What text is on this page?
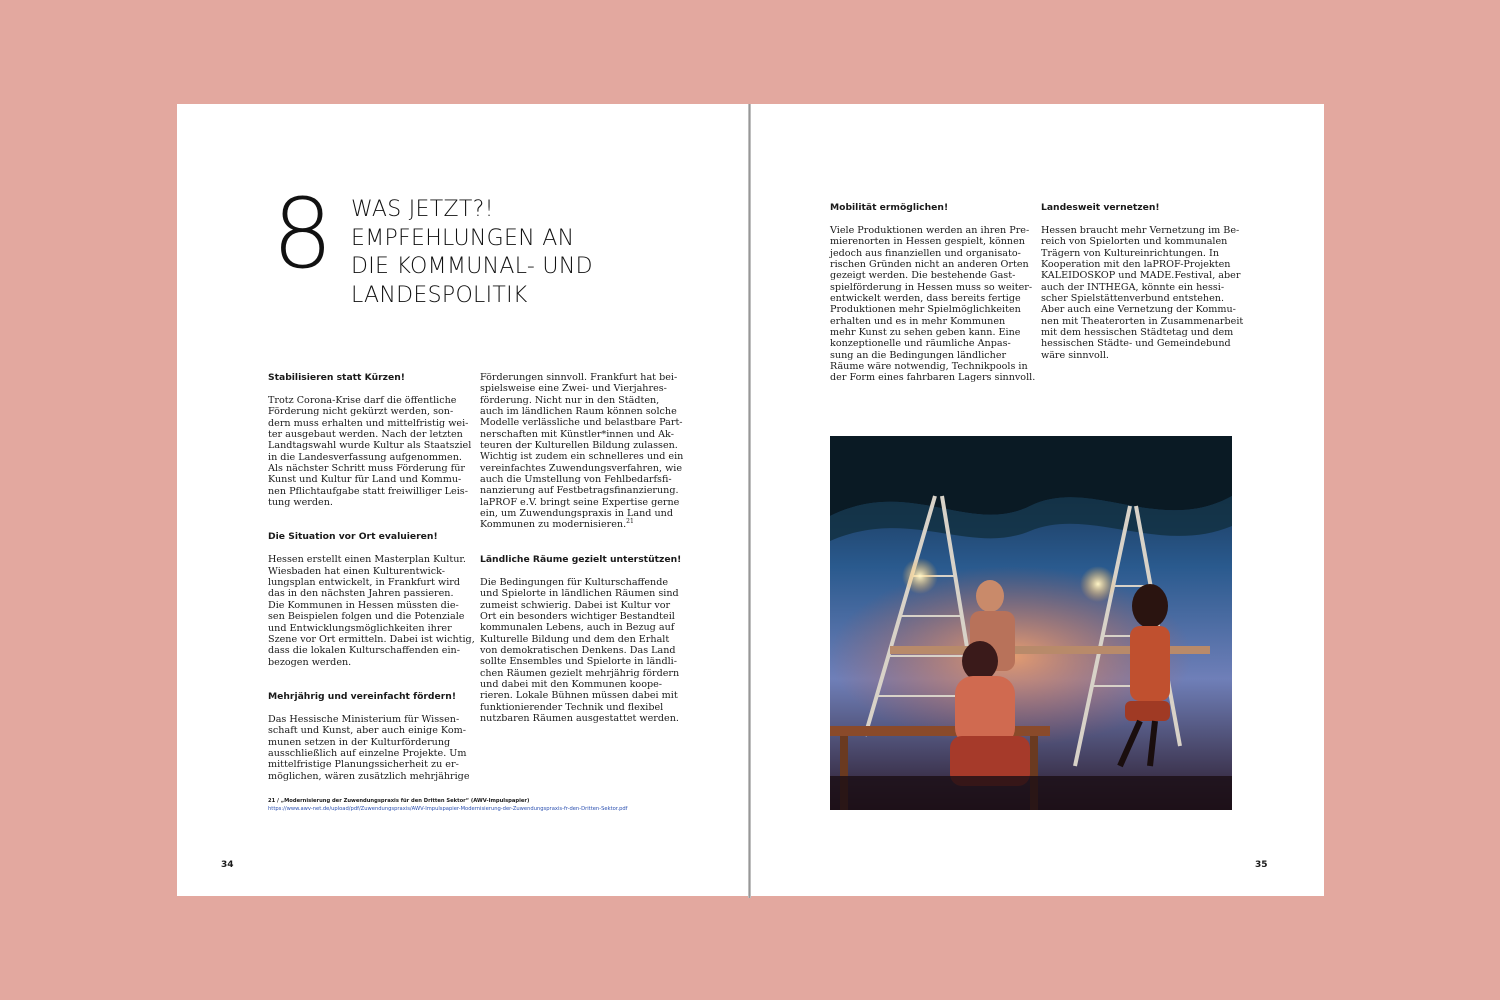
8 WAS JETZT?!
EMPFEHLUNGEN AN
DIE KOMMUNAL- UND
LANDESPOLITIK
Stabilisieren statt Kürzen!
Trotz Corona-Krise darf die öffentliche
Förderung nicht gekürzt werden, son-
dern muss erhalten und mittelfristig wei-
ter ausgebaut werden. Nach der letzten
Landtagswahl wurde Kultur als Staatsziel
in die Landesverfassung aufgenommen.
Als nächster Schritt muss Förderung für
Kunst und Kultur für Land und Kommu-
nen Pflichtaufgabe statt freiwilliger Leis-
tung werden.
Die Situation vor Ort evaluieren!
Hessen erstellt einen Masterplan Kultur.
Wiesbaden hat einen Kulturentwick-
lungsplan entwickelt, in Frankfurt wird
das in den nächsten Jahren passieren.
Die Kommunen in Hessen müssten die-
sen Beispielen folgen und die Potenziale
und Entwicklungsmöglichkeiten ihrer
Szene vor Ort ermitteln. Dabei ist wichtig,
dass die lokalen Kulturschaffenden ein-
bezogen werden.
Mehrjährig und vereinfacht fördern!
Das Hessische Ministerium für Wissen-
schaft und Kunst, aber auch einige Kom-
munen setzen in der Kulturförderung
ausschließlich auf einzelne Projekte. Um
mittelfristige Planungssicherheit zu er-
möglichen, wären zusätzlich mehrjährige
Förderungen sinnvoll. Frankfurt hat bei-
spielsweise eine Zwei- und Vierjahres-
förderung. Nicht nur in den Städten,
auch im ländlichen Raum können solche
Modelle verlässliche und belastbare Part-
nerschaften mit Künstler*innen und Ak-
teuren der Kulturellen Bildung zulassen.
Wichtig ist zudem ein schnelleres und ein
vereinfachtes Zuwendungsverfahren, wie
auch die Umstellung von Fehlbedarfsfi-
nanzierung auf Festbetragsfinanzierung.
laPROF e.V. bringt seine Expertise gerne
ein, um Zuwendungspraxis in Land und
Kommunen zu modernisieren.$^{21}$
Ländliche Räume gezielt unterstützen!
Die Bedingungen für Kulturschaffende
und Spielorte in ländlichen Räumen sind
zumeist schwierig. Dabei ist Kultur vor
Ort ein besonders wichtiger Bestandteil
kommunalen Lebens, auch in Bezug auf
Kulturelle Bildung und dem den Erhalt
von demokratischen Denkens. Das Land
sollte Ensembles und Spielorte in ländli-
chen Räumen gezielt mehrjährig fördern
und dabei mit den Kommunen koope-
rieren. Lokale Bühnen müssen dabei mit
funktionierender Technik und flexibel
nutzbaren Räumen ausgestattet werden.
21 / „Modernisierung der Zuwendungspraxis für den Dritten Sektor“ (AWV-Impulspapier)
https://www.awv-net.de/upload/pdf/Zuwendungspraxis/AWV-Impulspapier-Modernisierung-der-Zuwendungspraxis-fr-den-Dritten-Sektor.pdf
34
Mobilität ermöglichen!
Viele Produktionen werden an ihren Pre-
mierenorten in Hessen gespielt, können
jedoch aus finanziellen und organisato-
rischen Gründen nicht an anderen Orten
gezeigt werden. Die bestehende Gast-
spielförderung in Hessen muss so weiter-
entwickelt werden, dass bereits fertige
Produktionen mehr Spielmöglichkeiten
erhalten und es in mehr Kommunen
mehr Kunst zu sehen geben kann. Eine
konzeptionelle und räumliche Anpas-
sung an die Bedingungen ländlicher
Räume wäre notwendig, Technikpools in
der Form eines fahrbaren Lagers sinnvoll.
Landesweit vernetzen!
Hessen braucht mehr Vernetzung im Be-
reich von Spielorten und kommunalen
Trägern von Kultureinrichtungen. In
Kooperation mit den laPROF-Projekten
KALEIDOSKOP und MADE.Festival, aber
auch der INTHEGA, könnte ein hessi-
scher Spielstättenverbund entstehen.
Aber auch eine Vernetzung der Kommu-
nen mit Theaterorten in Zusammenarbeit
mit dem hessischen Städtetag und dem
hessischen Städte- und Gemeindebund
wäre sinnvoll.
35
